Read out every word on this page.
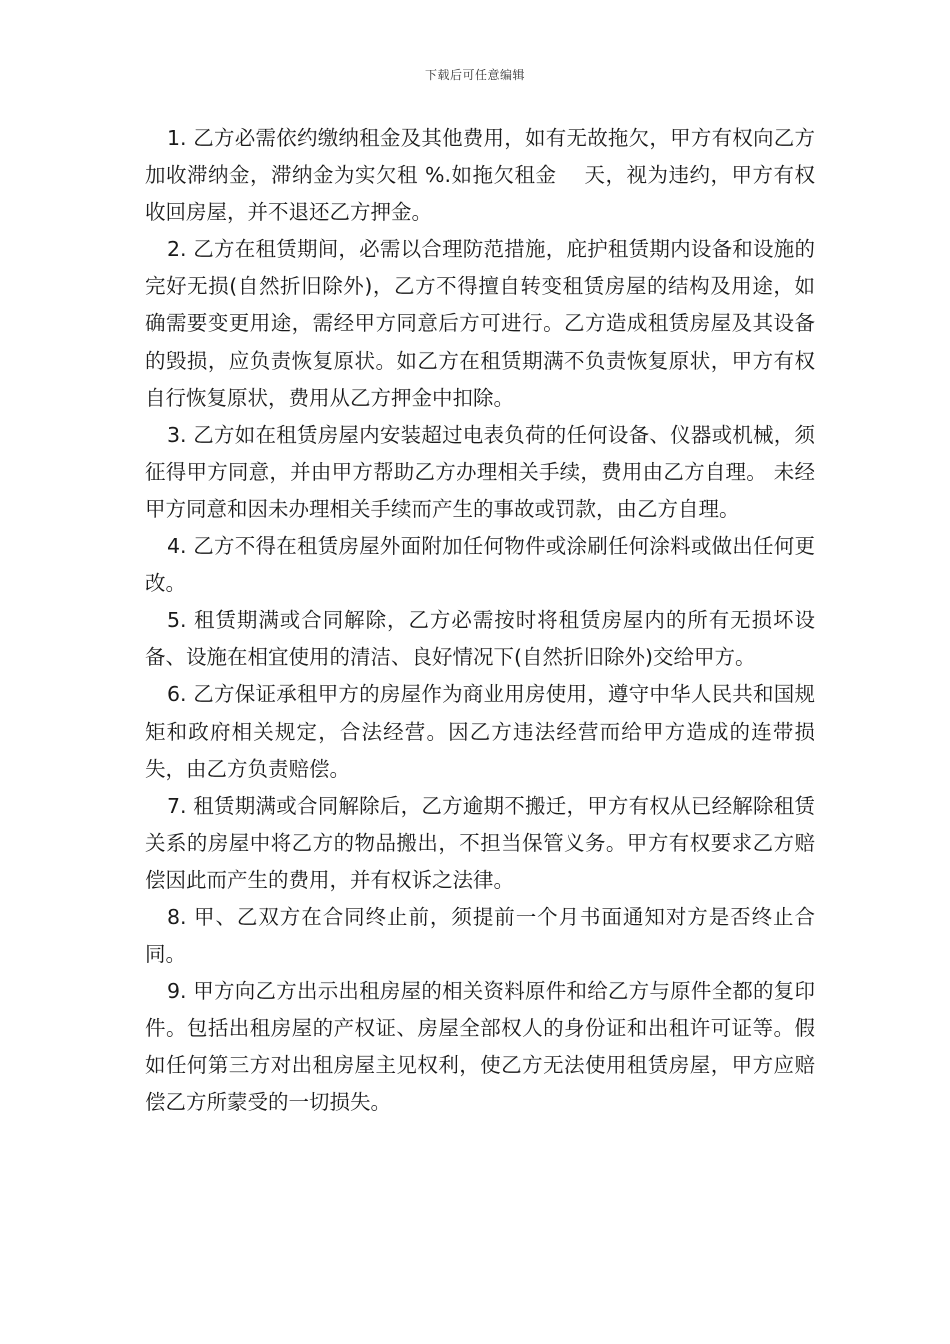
下载后可任意编辑

1. 乙方必需依约缴纳租金及其他费用，如有无故拖欠，甲方有权向乙方加收滞纳金，滞纳金为实欠租 %.如拖欠租金　 天，视为违约，甲方有权收回房屋，并不退还乙方押金。

2. 乙方在租赁期间，必需以合理防范措施，庇护租赁期内设备和设施的完好无损(自然折旧除外)，乙方不得擅自转变租赁房屋的结构及用途，如确需要变更用途，需经甲方同意后方可进行。乙方造成租赁房屋及其设备的毁损，应负责恢复原状。如乙方在租赁期满不负责恢复原状，甲方有权自行恢复原状，费用从乙方押金中扣除。

3. 乙方如在租赁房屋内安装超过电表负荷的任何设备、仪器或机械，须征得甲方同意，并由甲方帮助乙方办理相关手续，费用由乙方自理。 未经甲方同意和因未办理相关手续而产生的事故或罚款，由乙方自理。

4. 乙方不得在租赁房屋外面附加任何物件或涂刷任何涂料或做出任何更改。

5. 租赁期满或合同解除，乙方必需按时将租赁房屋内的所有无损坏设备、设施在相宜使用的清洁、良好情况下(自然折旧除外)交给甲方。

6. 乙方保证承租甲方的房屋作为商业用房使用，遵守中华人民共和国规矩和政府相关规定，合法经营。因乙方违法经营而给甲方造成的连带损失，由乙方负责赔偿。

7. 租赁期满或合同解除后，乙方逾期不搬迁，甲方有权从已经解除租赁关系的房屋中将乙方的物品搬出，不担当保管义务。甲方有权要求乙方赔偿因此而产生的费用，并有权诉之法律。

8. 甲、乙双方在合同终止前，须提前一个月书面通知对方是否终止合同。

9. 甲方向乙方出示出租房屋的相关资料原件和给乙方与原件全都的复印件。包括出租房屋的产权证、房屋全部权人的身份证和出租许可证等。假如任何第三方对出租房屋主见权利，使乙方无法使用租赁房屋，甲方应赔偿乙方所蒙受的一切损失。
